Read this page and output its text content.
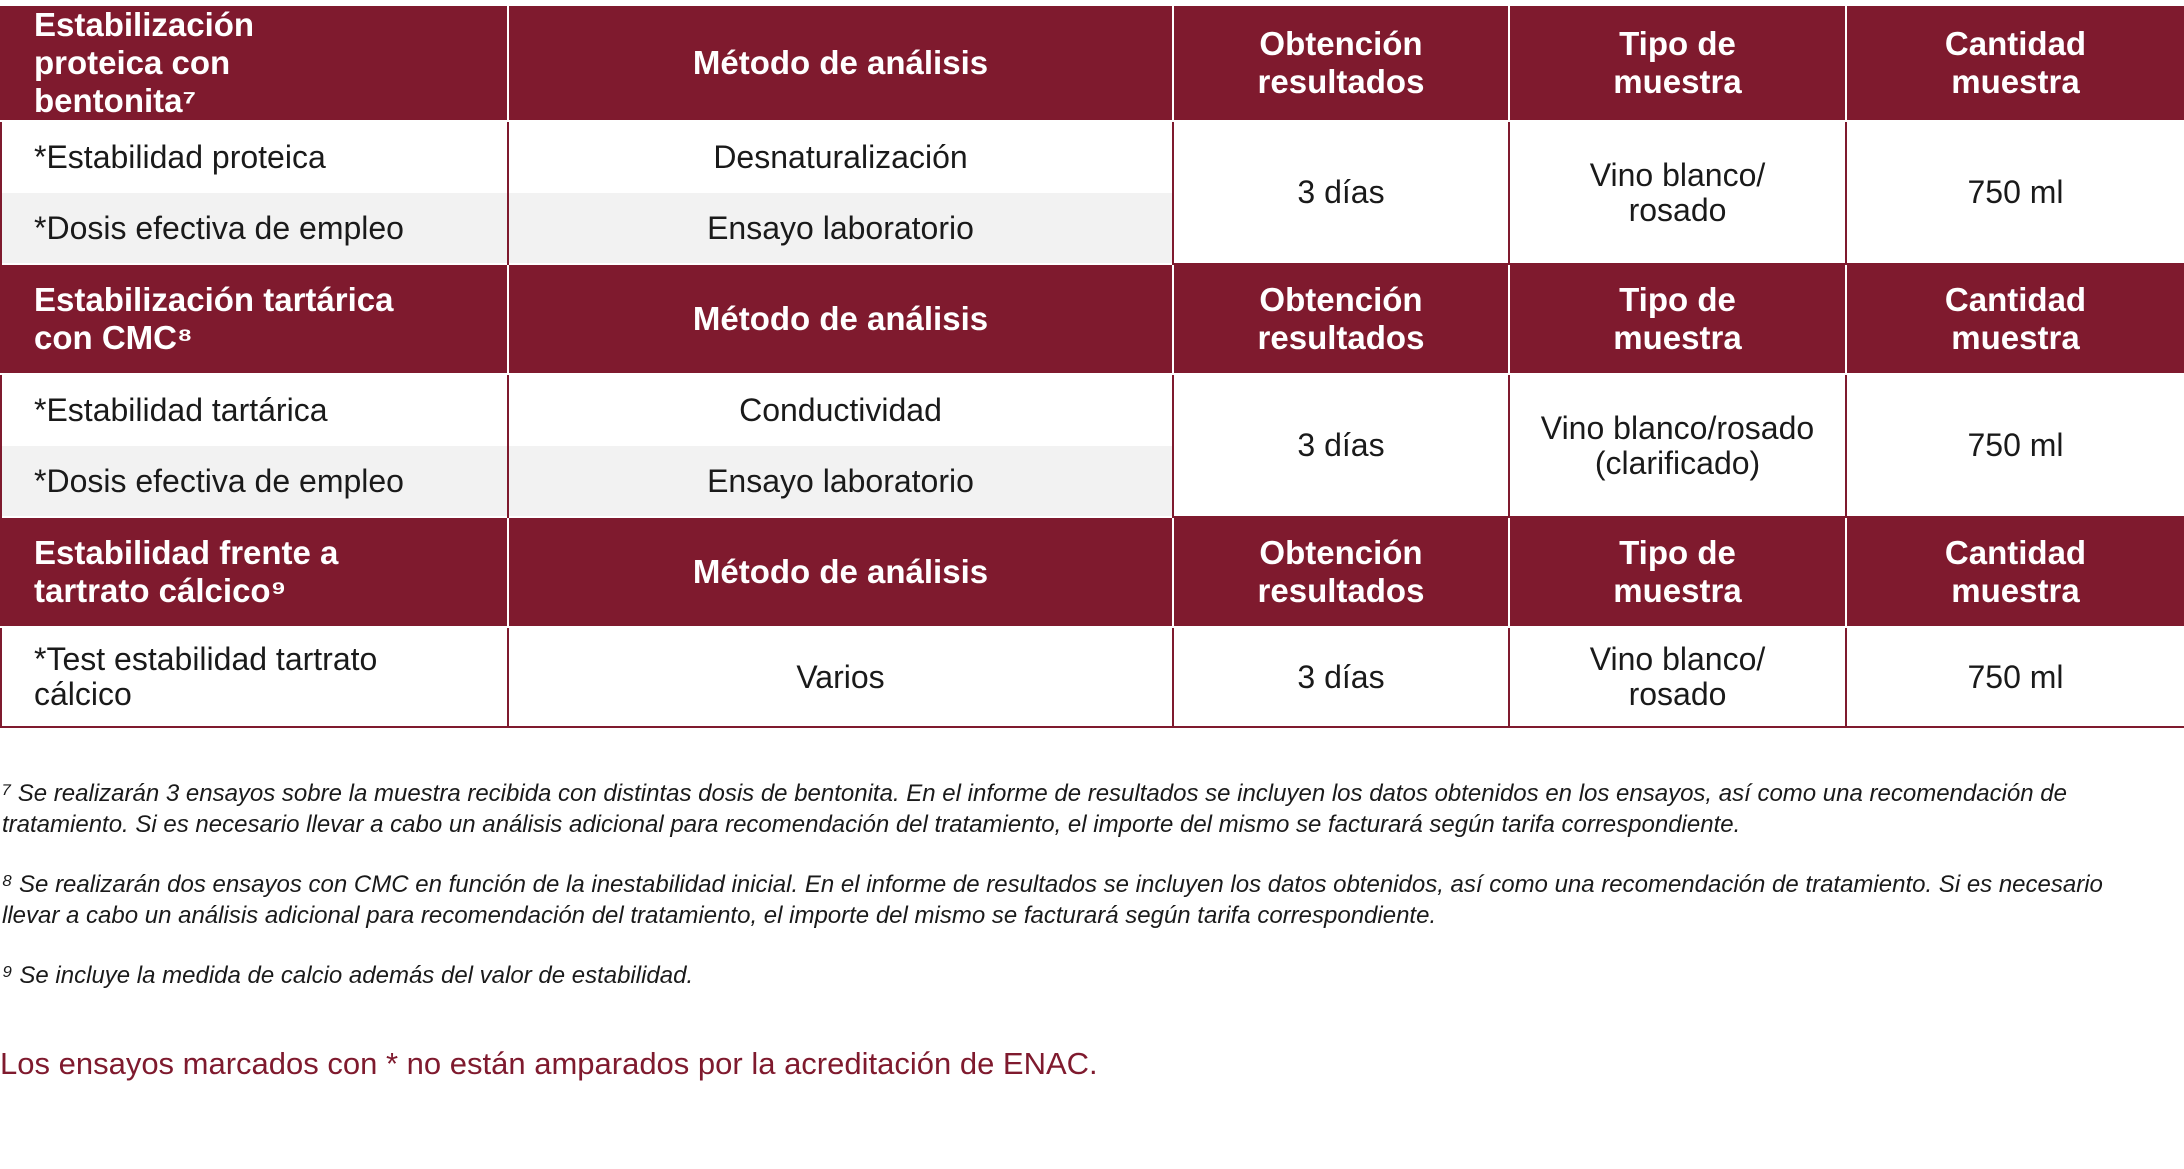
Estabilización proteica con bentonita⁷	Método de análisis	Obtención resultados	Tipo de muestra	Cantidad muestra
*Estabilidad proteica	Desnaturalización	3 días	Vino blanco/ rosado	750 ml
*Dosis efectiva de empleo	Ensayo laboratorio			
Estabilización tartárica con CMC⁸	Método de análisis	Obtención resultados	Tipo de muestra	Cantidad muestra
*Estabilidad tartárica	Conductividad	3 días	Vino blanco/rosado (clarificado)	750 ml
*Dosis efectiva de empleo	Ensayo laboratorio			
Estabilidad frente a tartrato cálcico⁹	Método de análisis	Obtención resultados	Tipo de muestra	Cantidad muestra
*Test estabilidad tartrato cálcico	Varios	3 días	Vino blanco/ rosado	750 ml

⁷ Se realizarán 3 ensayos sobre la muestra recibida con distintas dosis de bentonita. En el informe de resultados se incluyen los datos obtenidos en los ensayos, así como una recomendación de tratamiento. Si es necesario llevar a cabo un análisis adicional para recomendación del tratamiento, el importe del mismo se facturará según tarifa correspondiente.

⁸ Se realizarán dos ensayos con CMC en función de la inestabilidad inicial. En el informe de resultados se incluyen los datos obtenidos, así como una recomendación de tratamiento. Si es necesario llevar a cabo un análisis adicional para recomendación del tratamiento, el importe del mismo se facturará según tarifa correspondiente.

⁹ Se incluye la medida de calcio además del valor de estabilidad.

Los ensayos marcados con * no están amparados por la acreditación de ENAC.
